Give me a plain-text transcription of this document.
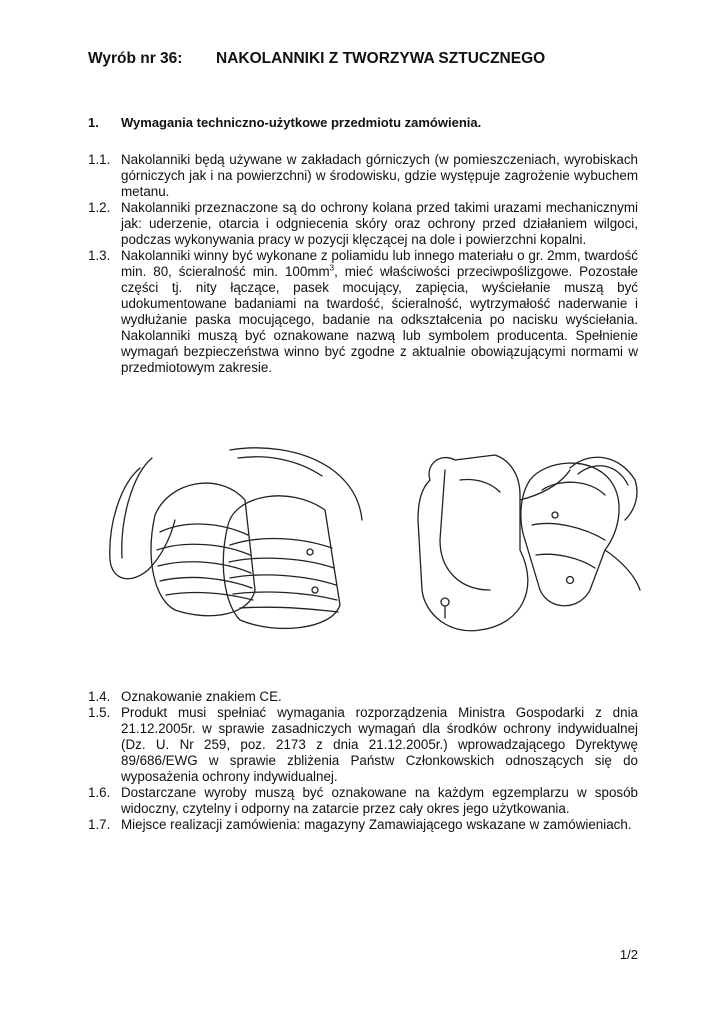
Wyrób nr 36: NAKOLANNIKI Z TWORZYWA SZTUCZNEGO
1. Wymagania techniczno-użytkowe przedmiotu zamówienia.
1.1. Nakolanniki będą używane w zakładach górniczych (w pomieszczeniach, wyrobiskach górniczych jak i na powierzchni) w środowisku, gdzie występuje zagrożenie wybuchem metanu.
1.2. Nakolanniki przeznaczone są do ochrony kolana przed takimi urazami mechanicznymi jak: uderzenie, otarcia i odgniecenia skóry oraz ochrony przed działaniem wilgoci, podczas wykonywania pracy w pozycji klęczącej na dole i powierzchni kopalni.
1.3. Nakolanniki winny być wykonane z poliamidu lub innego materiału o gr. 2mm, twardość min. 80, ścieralność min. $100mm^3$, mieć właściwości przeciwpoślizgowe. Pozostałe części tj. nity łączące, pasek mocujący, zapięcia, wyściełanie muszą być udokumentowane badaniami na twardość, ścieralność, wytrzymałość naderwanie i wydłużanie paska mocującego, badanie na odkształcenia po nacisku wyściełania. Nakolanniki muszą być oznakowane nazwą lub symbolem producenta. Spełnienie wymagań bezpieczeństwa winno być zgodne z aktualnie obowiązującymi normami w przedmiotowym zakresie.
1.4. Oznakowanie znakiem CE.
1.5. Produkt musi spełniać wymagania rozporządzenia Ministra Gospodarki z dnia 21.12.2005r. w sprawie zasadniczych wymagań dla środków ochrony indywidualnej (Dz. U. Nr 259, poz. 2173 z dnia 21.12.2005r.) wprowadzającego Dyrektywę 89/686/EWG w sprawie zbliżenia Państw Członkowskich odnoszących się do wyposażenia ochrony indywidualnej.
1.6. Dostarczane wyroby muszą być oznakowane na każdym egzemplarzu w sposób widoczny, czytelny i odporny na zatarcie przez cały okres jego użytkowania.
1.7. Miejsce realizacji zamówienia: magazyny Zamawiającego wskazane w zamówieniach.
1/2
